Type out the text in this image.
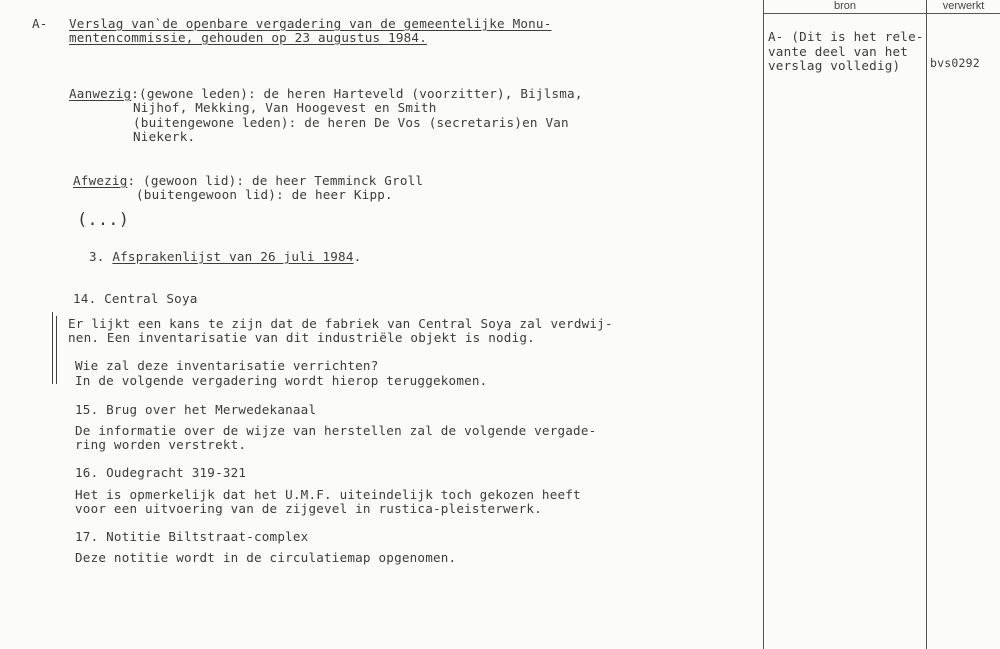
bron	verwerkt
A- Verslag van`de openbare vergadering van de gemeentelijke Monu-
mentencommissie, gehouden op 23 augustus 1984.
Aanwezig:(gewone leden): de heren Harteveld (voorzitter), Bijlsma,
Nijhof, Mekking, Van Hoogevest en Smith
(buitengewone leden): de heren De Vos (secretaris)en Van
Niekerk.
Afwezig: (gewoon lid): de heer Temminck Groll
(buitengewoon lid): de heer Kipp.
(...)
3. Afsprakenlijst van 26 juli 1984.
14. Central Soya
Er lijkt een kans te zijn dat de fabriek van Central Soya zal verdwij-
nen. Een inventarisatie van dit industriële objekt is nodig.
Wie zal deze inventarisatie verrichten?
In de volgende vergadering wordt hierop teruggekomen.
15. Brug over het Merwedekanaal
De informatie over de wijze van herstellen zal de volgende vergade-
ring worden verstrekt.
16. Oudegracht 319-321
Het is opmerkelijk dat het U.M.F. uiteindelijk toch gekozen heeft
voor een uitvoering van de zijgevel in rustica-pleisterwerk.
17. Notitie Biltstraat-complex
Deze notitie wordt in de circulatiemap opgenomen.
A- (Dit is het rele-
vante deel van het
verslag volledig)	bvs0292
